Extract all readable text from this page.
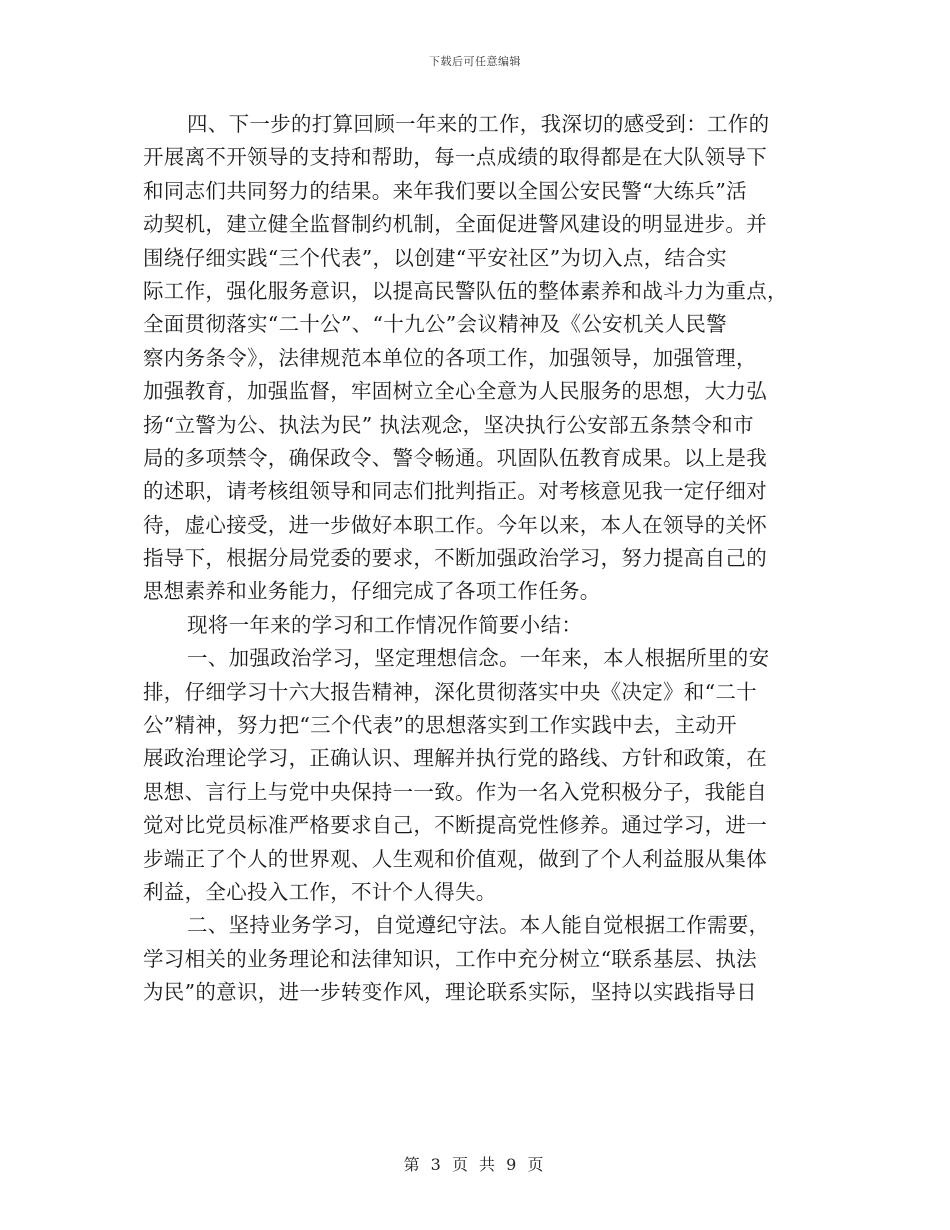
下载后可任意编辑
四、下一步的打算回顾一年来的工作，我深切的感受到：工作的
开展离不开领导的支持和帮助，每一点成绩的取得都是在大队领导下
和同志们共同努力的结果。来年我们要以全国公安民警“大练兵”活
动契机，建立健全监督制约机制，全面促进警风建设的明显进步。并
围绕仔细实践“三个代表”，以创建“平安社区”为切入点，结合实
际工作，强化服务意识，以提高民警队伍的整体素养和战斗力为重点，
全面贯彻落实“二十公”、“十九公”会议精神及《公安机关人民警
察内务条令》，法律规范本单位的各项工作，加强领导，加强管理，
加强教育，加强监督，牢固树立全心全意为人民服务的思想，大力弘
扬“立警为公、执法为民” 执法观念，坚决执行公安部五条禁令和市
局的多项禁令，确保政令、警令畅通。巩固队伍教育成果。以上是我
的述职，请考核组领导和同志们批判指正。对考核意见我一定仔细对
待，虚心接受，进一步做好本职工作。今年以来，本人在领导的关怀
指导下，根据分局党委的要求，不断加强政治学习，努力提高自己的
思想素养和业务能力，仔细完成了各项工作任务。
现将一年来的学习和工作情况作简要小结：
一、加强政治学习，坚定理想信念。一年来，本人根据所里的安
排，仔细学习十六大报告精神，深化贯彻落实中央《决定》和“二十
公”精神，努力把“三个代表”的思想落实到工作实践中去，主动开
展政治理论学习，正确认识、理解并执行党的路线、方针和政策，在
思想、言行上与党中央保持一一致。作为一名入党积极分子，我能自
觉对比党员标准严格要求自己，不断提高党性修养。通过学习，进一
步端正了个人的世界观、人生观和价值观，做到了个人利益服从集体
利益，全心投入工作，不计个人得失。
二、坚持业务学习，自觉遵纪守法。本人能自觉根据工作需要，
学习相关的业务理论和法律知识，工作中充分树立“联系基层、执法
为民”的意识，进一步转变作风，理论联系实际，坚持以实践指导日
第 3 页 共 9 页
